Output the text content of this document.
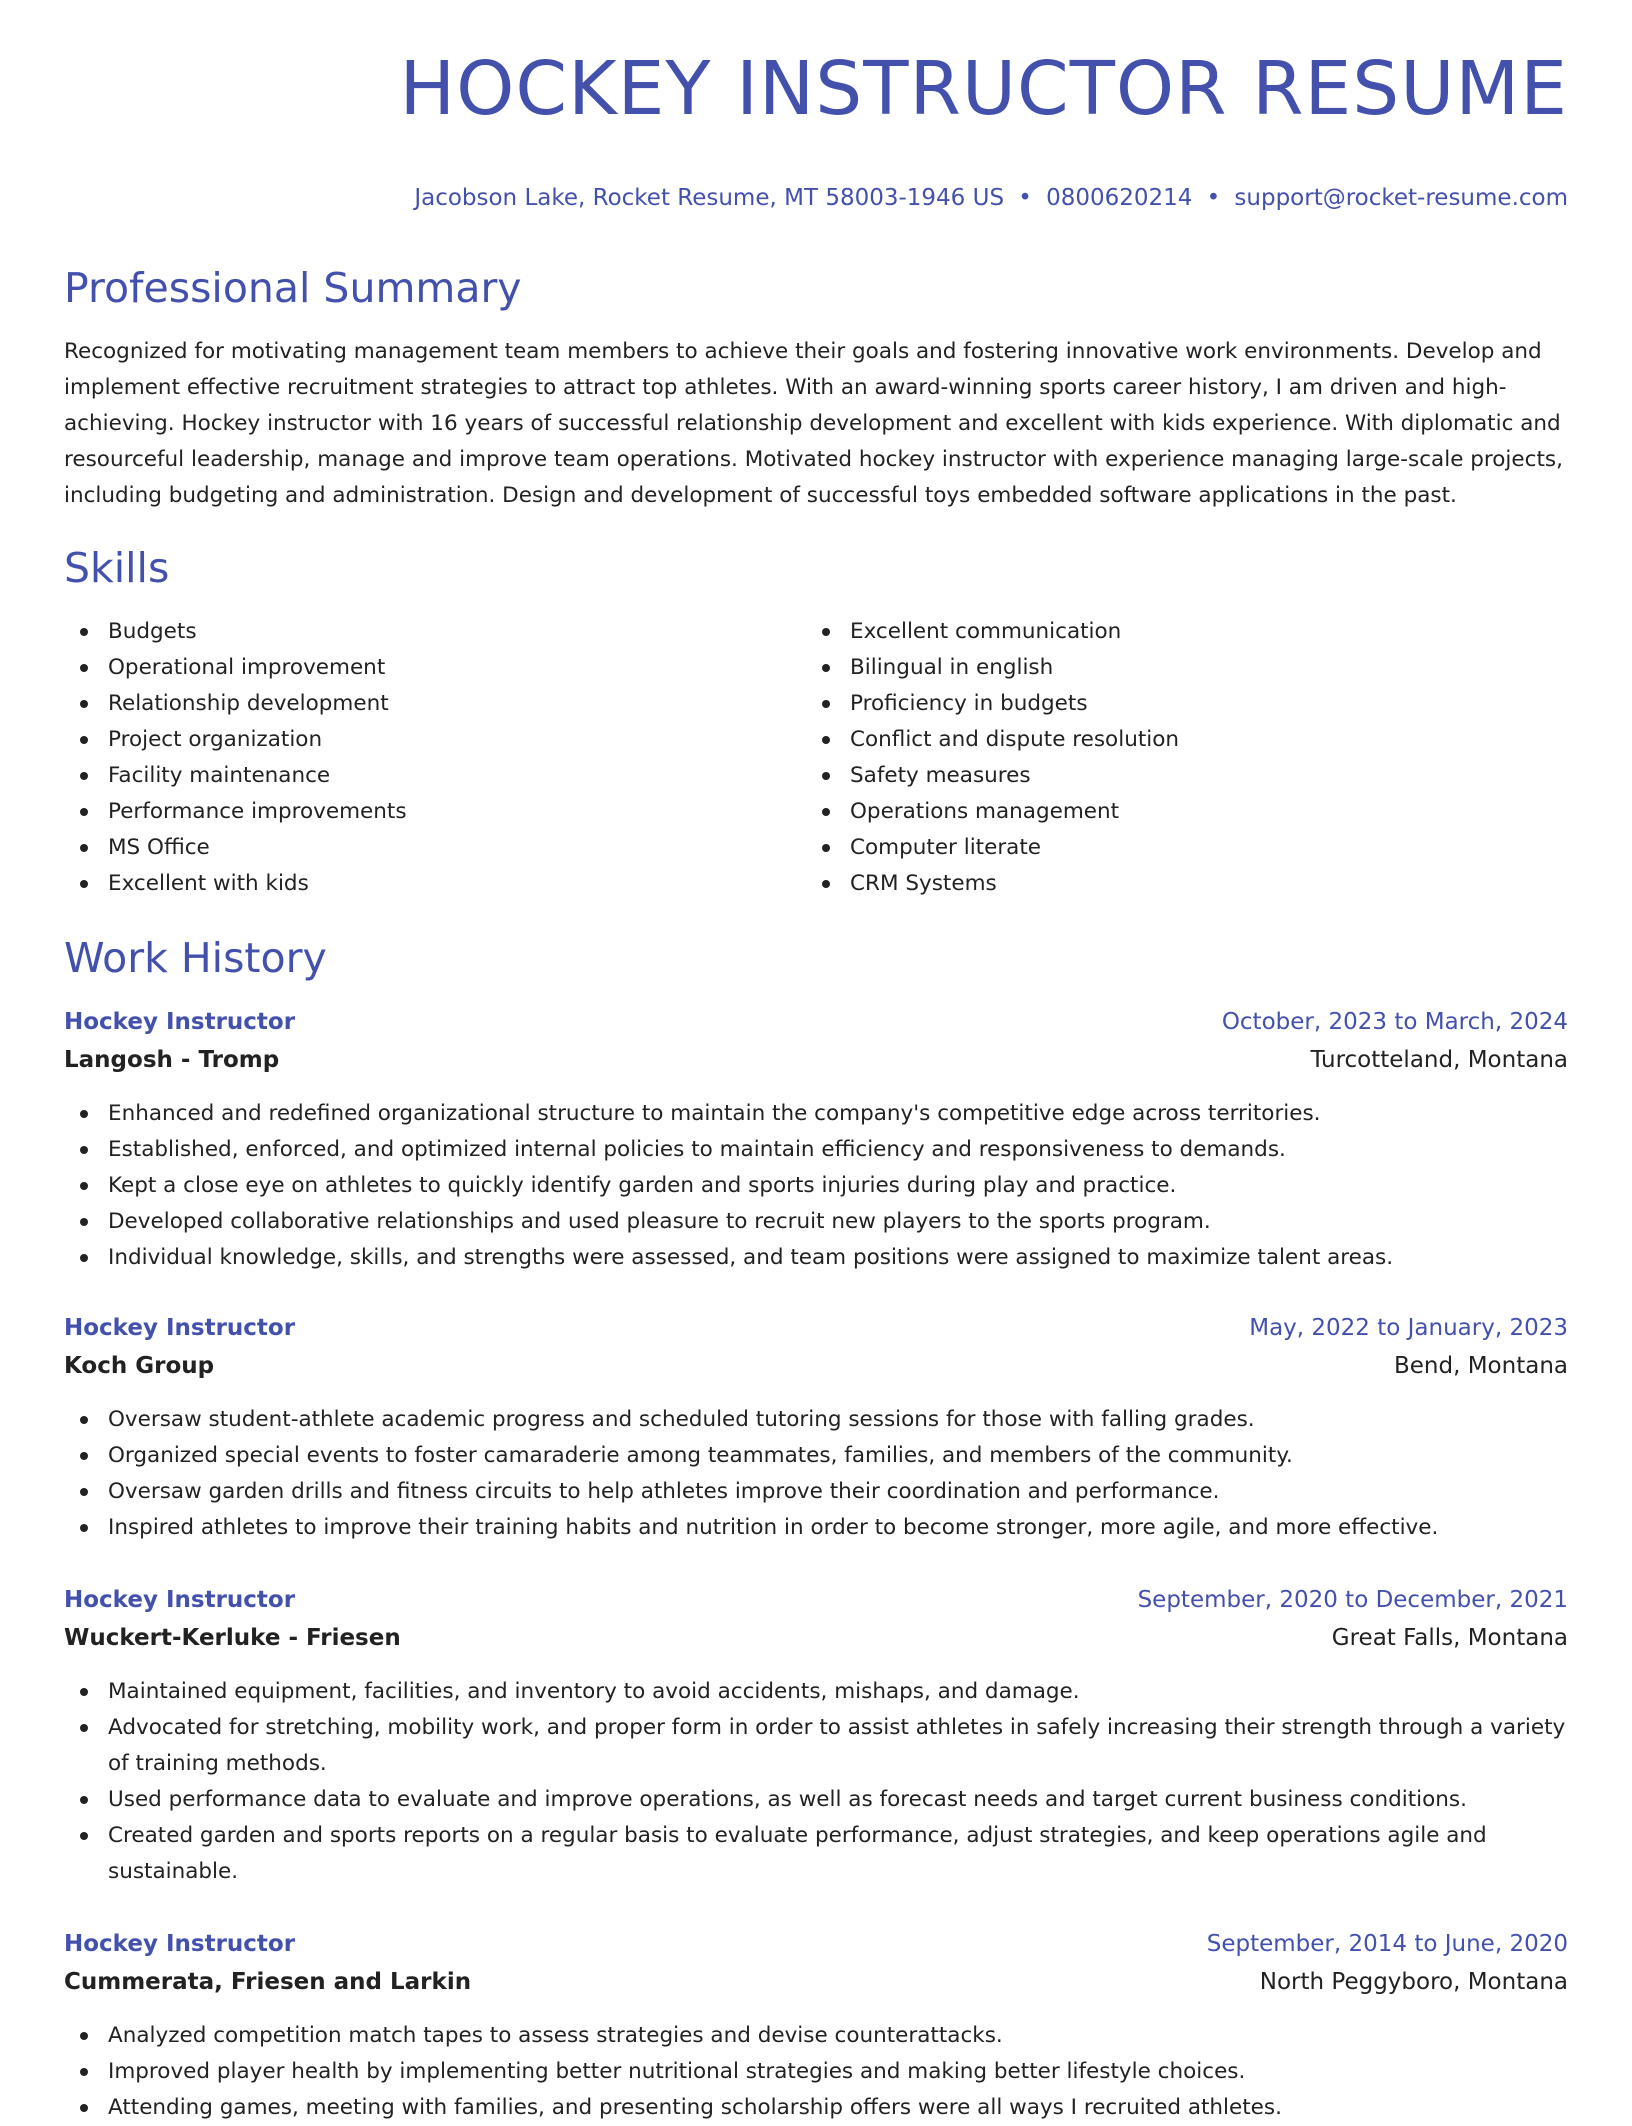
HOCKEY INSTRUCTOR RESUME
Jacobson Lake, Rocket Resume, MT 58003-1946 US • 0800620214 • support@rocket-resume.com
Professional Summary

Recognized for motivating management team members to achieve their goals and fostering innovative work environments. Develop and implement effective recruitment strategies to attract top athletes. With an award-winning sports career history, I am driven and high-achieving. Hockey instructor with 16 years of successful relationship development and excellent with kids experience. With diplomatic and resourceful leadership, manage and improve team operations. Motivated hockey instructor with experience managing large-scale projects, including budgeting and administration. Design and development of successful toys embedded software applications in the past.

Skills
Budgets
Operational improvement
Relationship development
Project organization
Facility maintenance
Performance improvements
MS Office
Excellent with kids
Excellent communication
Bilingual in english
Proficiency in budgets
Conflict and dispute resolution
Safety measures
Operations management
Computer literate
CRM Systems
Work History
Hockey Instructor	October, 2023 to March, 2024
Langosh - Tromp	Turcotteland, Montana
Enhanced and redefined organizational structure to maintain the company's competitive edge across territories.
Established, enforced, and optimized internal policies to maintain efficiency and responsiveness to demands.
Kept a close eye on athletes to quickly identify garden and sports injuries during play and practice.
Developed collaborative relationships and used pleasure to recruit new players to the sports program.
Individual knowledge, skills, and strengths were assessed, and team positions were assigned to maximize talent areas.
Hockey Instructor	May, 2022 to January, 2023
Koch Group	Bend, Montana
Oversaw student-athlete academic progress and scheduled tutoring sessions for those with falling grades.
Organized special events to foster camaraderie among teammates, families, and members of the community.
Oversaw garden drills and fitness circuits to help athletes improve their coordination and performance.
Inspired athletes to improve their training habits and nutrition in order to become stronger, more agile, and more effective.
Hockey Instructor	September, 2020 to December, 2021
Wuckert-Kerluke - Friesen	Great Falls, Montana
Maintained equipment, facilities, and inventory to avoid accidents, mishaps, and damage.
Advocated for stretching, mobility work, and proper form in order to assist athletes in safely increasing their strength through a variety of training methods.
Used performance data to evaluate and improve operations, as well as forecast needs and target current business conditions.
Created garden and sports reports on a regular basis to evaluate performance, adjust strategies, and keep operations agile and sustainable.
Hockey Instructor	September, 2014 to June, 2020
Cummerata, Friesen and Larkin	North Peggyboro, Montana
Analyzed competition match tapes to assess strategies and devise counterattacks.
Improved player health by implementing better nutritional strategies and making better lifestyle choices.
Attending games, meeting with families, and presenting scholarship offers were all ways I recruited athletes.
